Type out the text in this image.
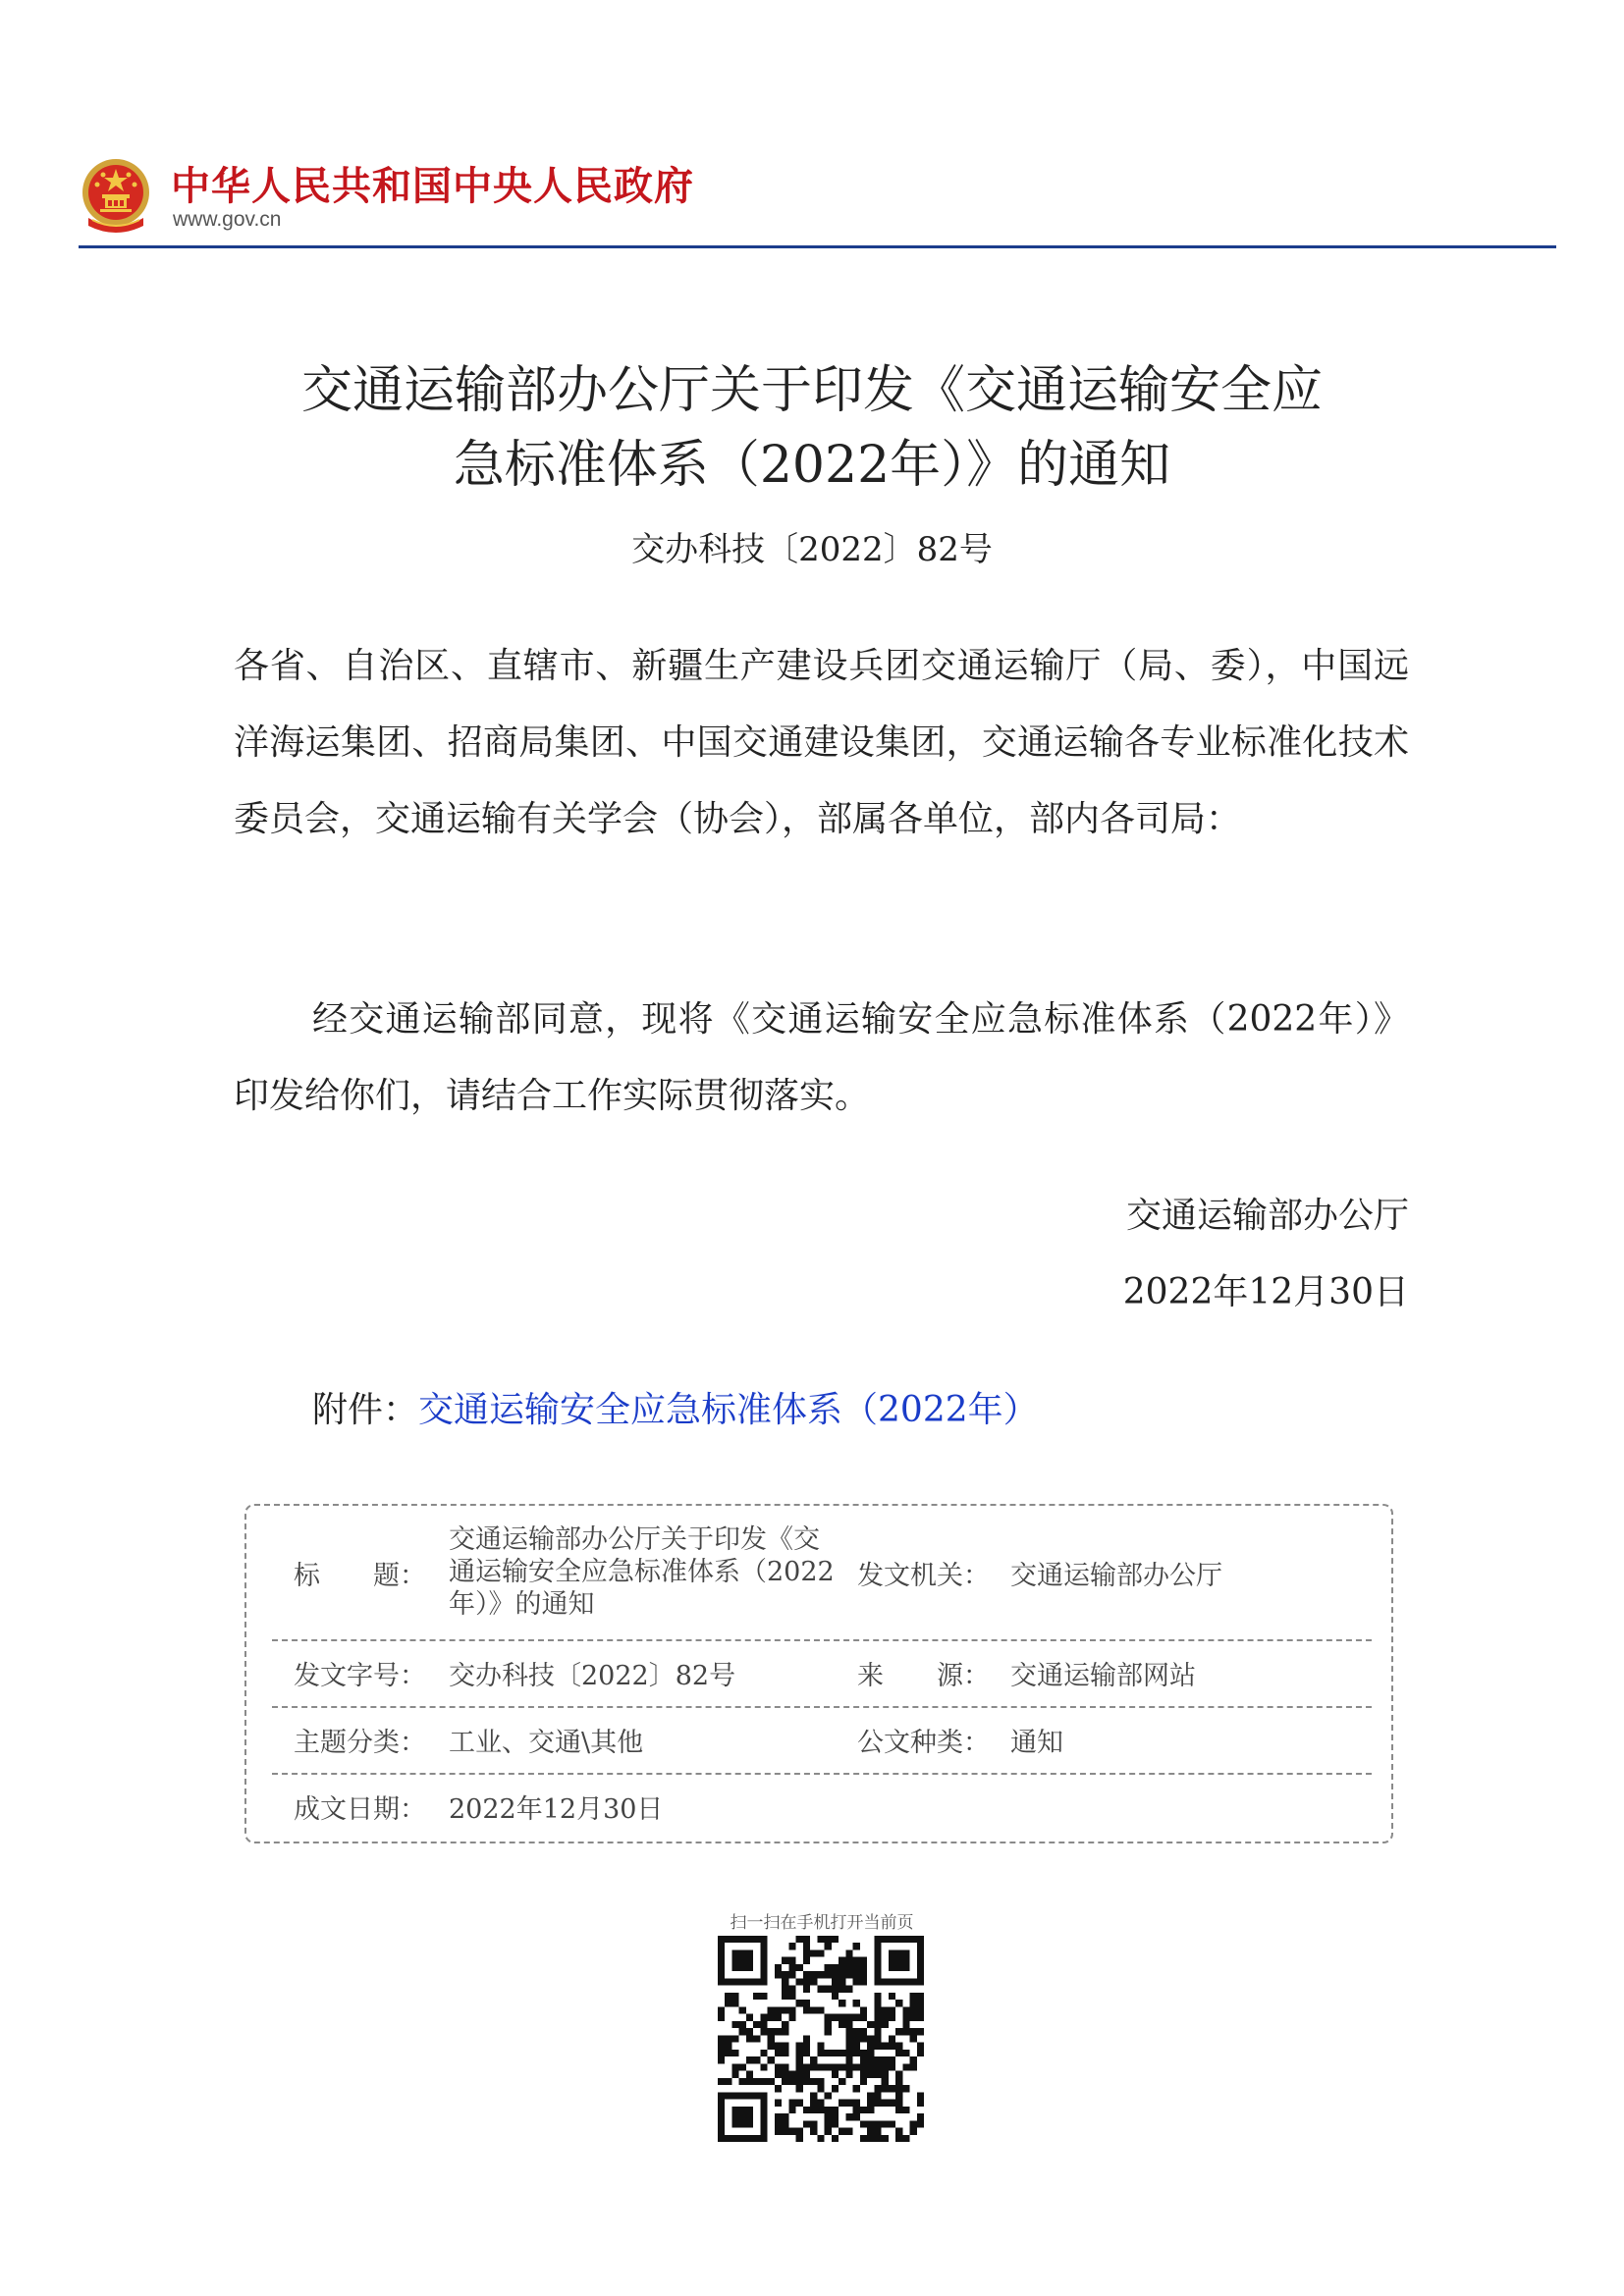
中华人民共和国中央人民政府
www.gov.cn
交通运输部办公厅关于印发《交通运输安全应
急标准体系（2022年）》的通知
交办科技〔2022〕82号

各省、自治区、直辖市、新疆生产建设兵团交通运输厅（局、委），中国远洋海运集团、招商局集团、中国交通建设集团，交通运输各专业标准化技术委员会，交通运输有关学会（协会），部属各单位，部内各司局：

经交通运输部同意，现将《交通运输安全应急标准体系（2022年）》印发给你们，请结合工作实际贯彻落实。

交通运输部办公厅
2022年12月30日
附件：交通运输安全应急标准体系（2022年）
标　　题：
交通运输部办公厅关于印发《交通运输安全应急标准体系（2022年）》的通知
发文机关： 交通运输部办公厅
发文字号： 交办科技〔2022〕82号	来　　源： 交通运输部网站
主题分类： 工业、交通\其他	公文种类： 通知
成文日期： 2022年12月30日
扫一扫在手机打开当前页
